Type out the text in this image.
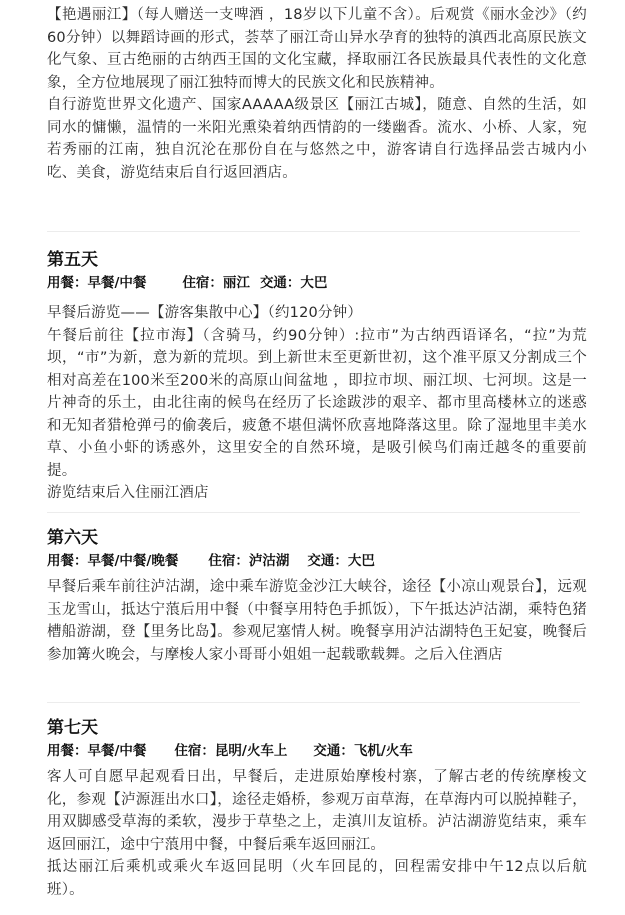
【艳遇丽江】（每人赠送一支啤酒 ，18岁以下儿童不含）。后观赏《丽水金沙》（约60分钟）以舞蹈诗画的形式，荟萃了丽江奇山异水孕育的独特的滇西北高原民族文化气象、亘古绝丽的古纳西王国的文化宝藏，择取丽江各民族最具代表性的文化意象，全方位地展现了丽江独特而博大的民族文化和民族精神。

自行游览世界文化遗产、国家AAAAA级景区【丽江古城】，随意、自然的生活，如同水的慵懒，温情的一米阳光熏染着纳西情韵的一缕幽香。流水、小桥、人家，宛若秀丽的江南，独自沉沦在那份自在与悠然之中，游客请自行选择品尝古城内小吃、美食，游览结束后自行返回酒店。

第五天
用餐：早餐/中餐	住宿：丽江 交通：大巴

早餐后游览——【游客集散中心】（约120分钟）

午餐后前往【拉市海】（含骑马，约90分钟）:拉市”为古纳西语译名，“拉”为荒坝，“市”为新，意为新的荒坝。到上新世末至更新世初，这个准平原又分割成三个相对高差在100米至200米的高原山间盆地 ，即拉市坝、丽江坝、七河坝。这是一片神奇的乐土，由北往南的候鸟在经历了长途跋涉的艰辛、都市里高楼林立的迷惑和无知者猎枪弹弓的偷袭后，疲惫不堪但满怀欣喜地降落这里。除了湿地里丰美水草、小鱼小虾的诱惑外，这里安全的自然环境，是吸引候鸟们南迁越冬的重要前提。

游览结束后入住丽江酒店

第六天
用餐：早餐/中餐/晚餐 住宿：泸沽湖 交通：大巴

早餐后乘车前往泸沽湖，途中乘车游览金沙江大峡谷，途径【小凉山观景台】，远观玉龙雪山，抵达宁蒗后用中餐（中餐享用特色手抓饭），下午抵达泸沽湖，乘特色猪槽船游湖，登【里务比岛】。参观尼塞情人树。晚餐享用泸沽湖特色王妃宴，晚餐后参加篝火晚会，与摩梭人家小哥哥小姐姐一起载歌载舞。之后入住酒店

第七天
用餐：早餐/中餐 住宿：昆明/火车上 交通：飞机/火车

客人可自愿早起观看日出，早餐后，走进原始摩梭村寨，了解古老的传统摩梭文化，参观【泸源涯出水口】，途径走婚桥，参观万亩草海，在草海内可以脱掉鞋子，用双脚感受草海的柔软，漫步于草垫之上，走滇川友谊桥。泸沽湖游览结束，乘车返回丽江，途中宁蒗用中餐，中餐后乘车返回丽江。

抵达丽江后乘机或乘火车返回昆明（火车回昆的，回程需安排中午12点以后航班）。
